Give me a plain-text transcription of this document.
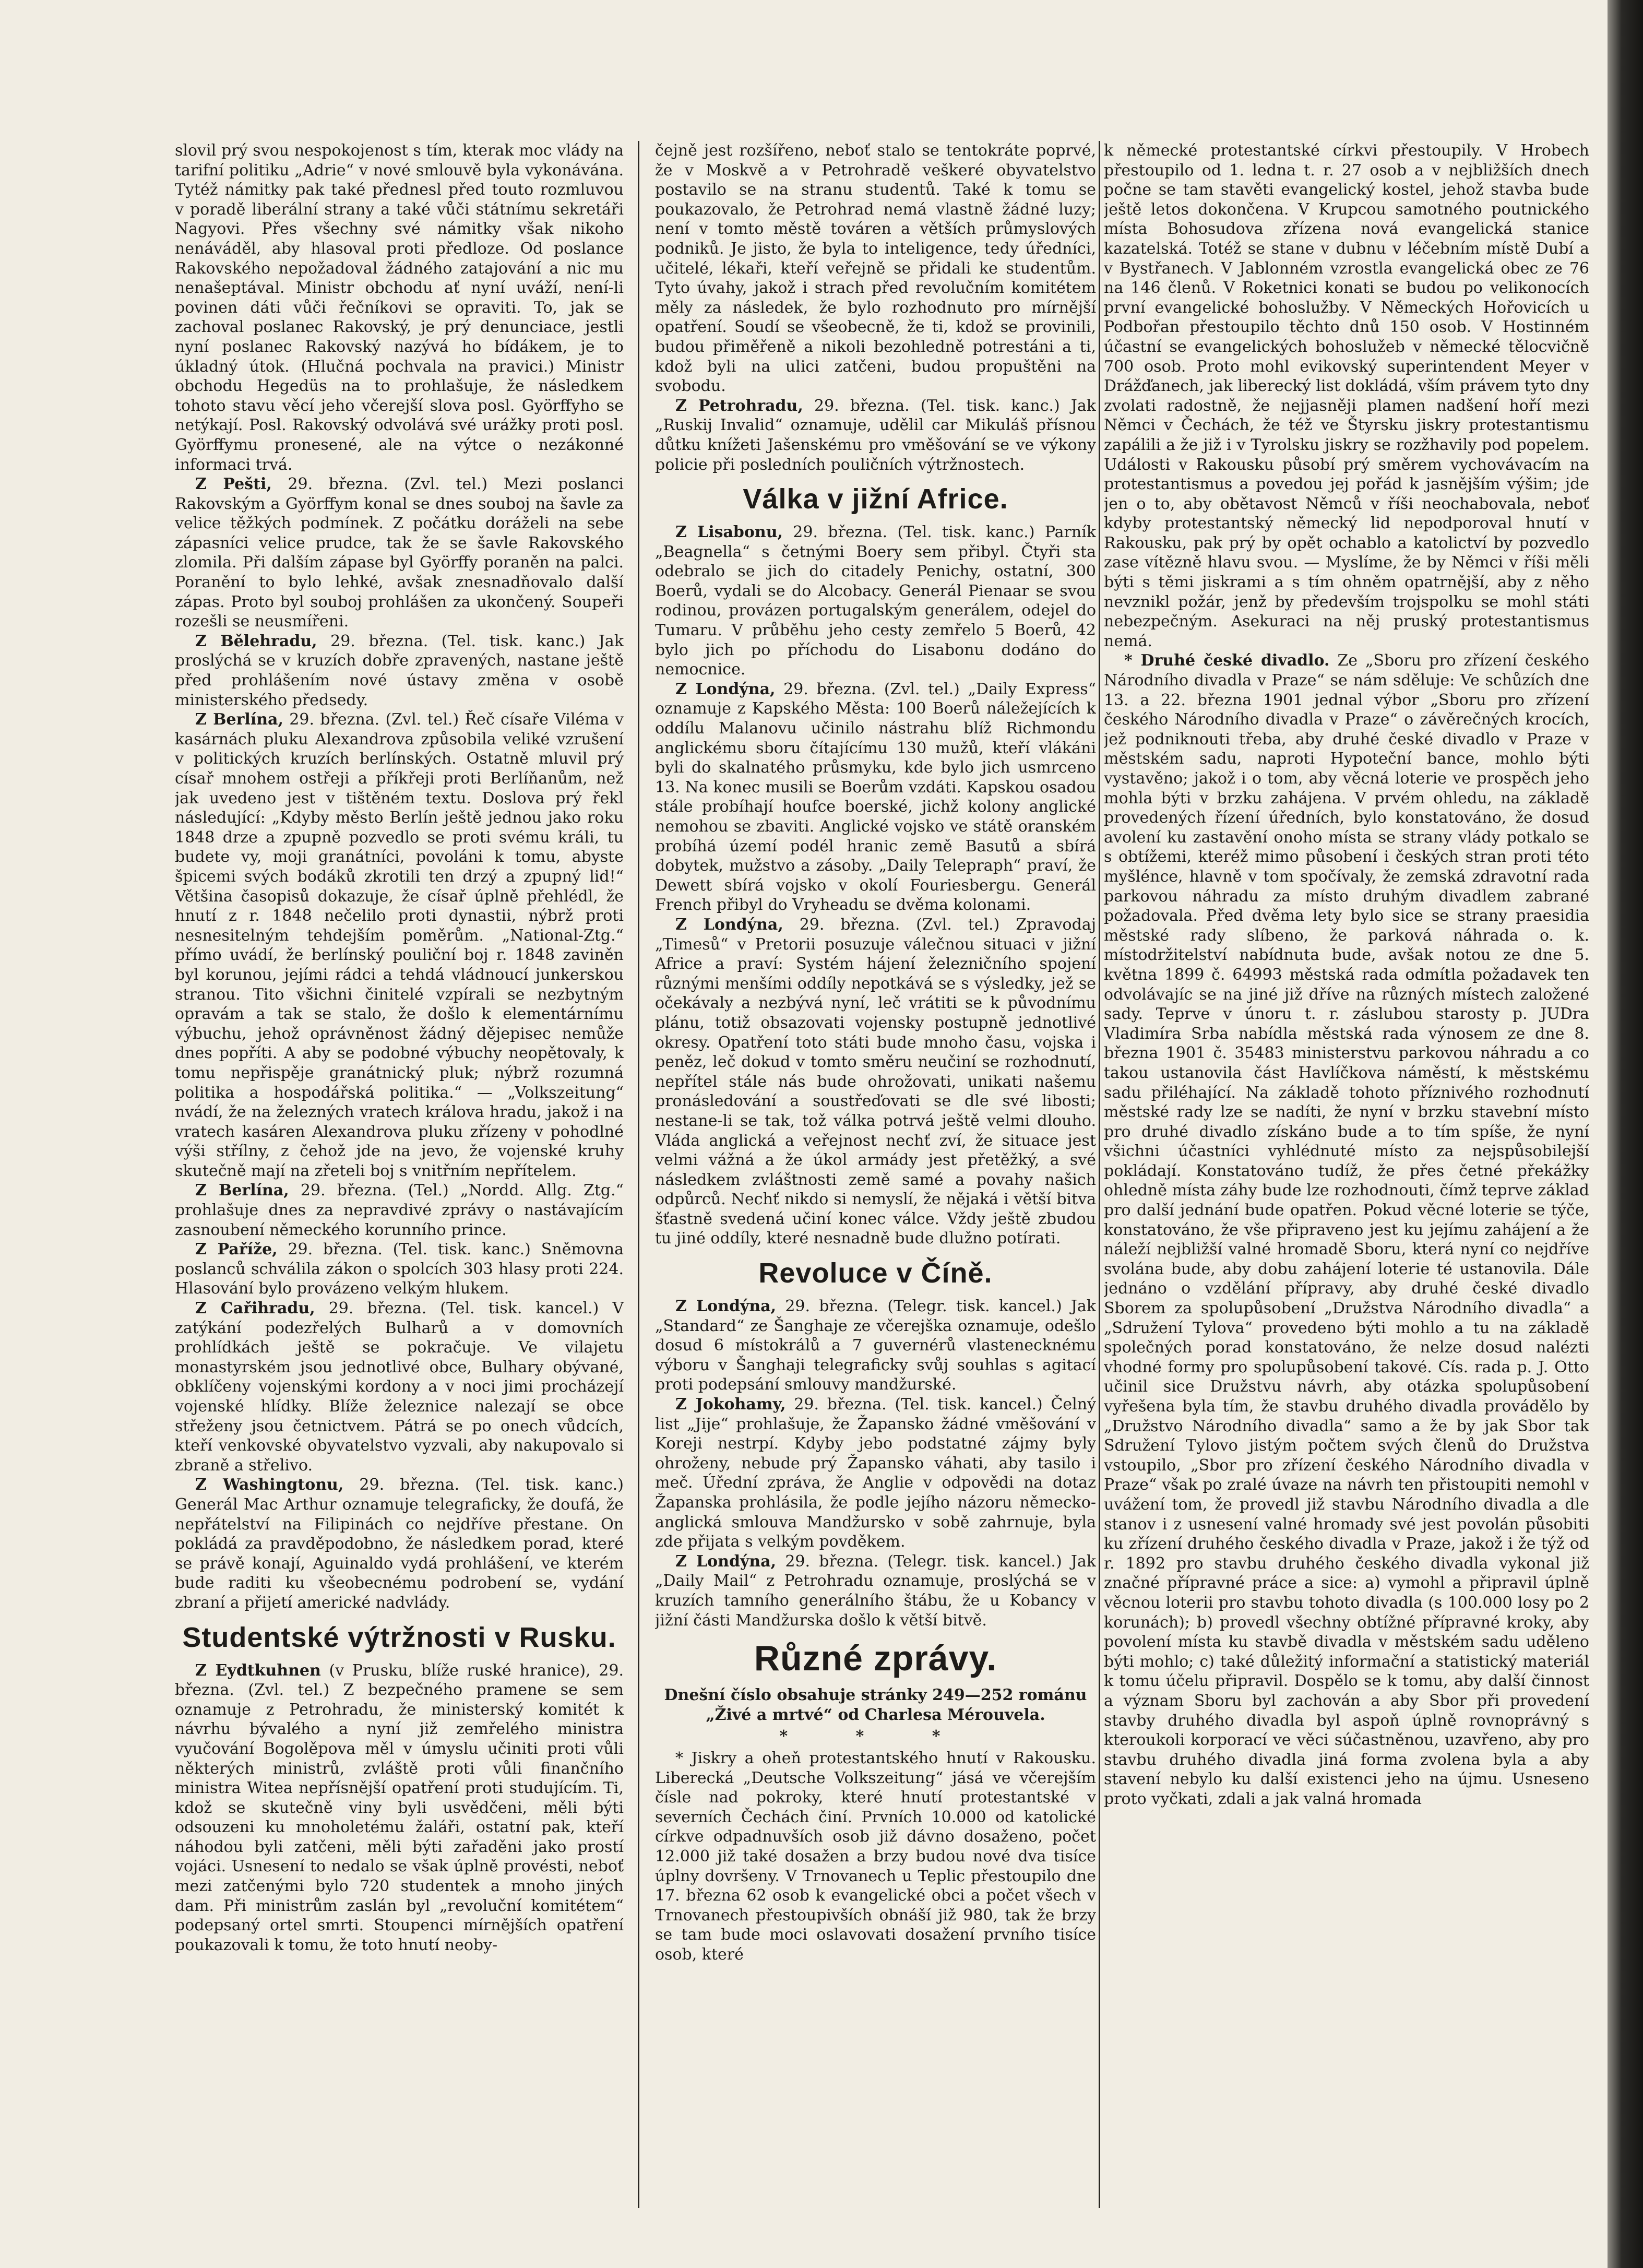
slovil prý svou nespokojenost s tím, kterak moc vlády na tarifní politiku „Adrie“ v nové smlouvě byla vykonávána. Tytéž námitky pak také přednesl před touto rozmluvou v poradě liberální strany a také vůči státnímu sekretáři Nagyovi. Přes všechny své námitky však nikoho nenáváděl, aby hlasoval proti předloze. Od poslance Rakovského nepožadoval žádného zatajování a nic mu nenašeptával. Ministr obchodu ať nyní uváží, není-li povinen dáti vůči řečníkovi se opraviti. To, jak se zachoval poslanec Rakovský, je prý denunciace, jestli nyní poslanec Rakovský nazývá ho bídákem, je to úkladný útok. (Hlučná pochvala na pravici.) Ministr obchodu Hegedüs na to prohlašuje, že následkem tohoto stavu věcí jeho včerejší slova posl. Györffyho se netýkají. Posl. Rakovský odvolává své urážky proti posl. Györffymu pronesené, ale na výtce o nezákonné informaci trvá.

Z Pešti, 29. března. (Zvl. tel.) Mezi poslanci Rakovským a Györffym konal se dnes souboj na šavle za velice těžkých podmínek. Z počátku doráželi na sebe zápasníci velice prudce, tak že se šavle Rakovského zlomila. Při dalším zápase byl Györffy poraněn na palci. Poranění to bylo lehké, avšak znesnadňovalo další zápas. Proto byl souboj prohlášen za ukončený. Soupeři rozešli se neusmířeni.

Z Bělehradu, 29. března. (Tel. tisk. kanc.) Jak proslýchá se v kruzích dobře zpravených, nastane ještě před prohlášením nové ústavy změna v osobě ministerského předsedy.

Z Berlína, 29. března. (Zvl. tel.) Řeč císaře Viléma v kasárnách pluku Alexandrova způsobila veliké vzrušení v politických kruzích berlínských. Ostatně mluvil prý císař mnohem ostřeji a příkřeji proti Berlíňanům, než jak uvedeno jest v tištěném textu. Doslova prý řekl následující: „Kdyby město Berlín ještě jednou jako roku 1848 drze a zpupně pozvedlo se proti svému králi, tu budete vy, moji granátníci, povoláni k tomu, abyste špicemi svých bodáků zkrotili ten drzý a zpupný lid!“ Většina časopisů dokazuje, že císař úplně přehlédl, že hnutí z r. 1848 nečelilo proti dynastii, nýbrž proti nesnesitelným tehdejším poměrům. „National-Ztg.“ přímo uvádí, že berlínský pouliční boj r. 1848 zaviněn byl korunou, jejími rádci a tehdá vládnoucí junkerskou stranou. Tito všichni činitelé vzpírali se nezbytným opravám a tak se stalo, že došlo k elementárnímu výbuchu, jehož oprávněnost žádný dějepisec nemůže dnes popříti. A aby se podobné výbuchy neopětovaly, k tomu nepřispěje granátnický pluk; nýbrž rozumná politika a hospodářská politika.“ — „Volkszeitung“ nvádí, že na železných vratech králova hradu, jakož i na vratech kasáren Alexandrova pluku zřízeny v pohodlné výši střílny, z čehož jde na jevo, že vojenské kruhy skutečně mají na zřeteli boj s vnitřním nepřítelem.

Z Berlína, 29. března. (Tel.) „Nordd. Allg. Ztg.“ prohlašuje dnes za nepravdivé zprávy o nastávajícím zasnoubení německého korunního prince.

Z Paříže, 29. března. (Tel. tisk. kanc.) Sněmovna poslanců schválila zákon o spolcích 303 hlasy proti 224. Hlasování bylo provázeno velkým hlukem.

Z Cařihradu, 29. března. (Tel. tisk. kancel.) V zatýkání podezřelých Bulharů a v domovních prohlídkách ještě se pokračuje. Ve vilajetu monastyrském jsou jednotlivé obce, Bulhary obývané, obklíčeny vojenskými kordony a v noci jimi procházejí vojenské hlídky. Blíže železnice nalezají se obce střeženy jsou četnictvem. Pátrá se po onech vůdcích, kteří venkovské obyvatelstvo vyzvali, aby nakupovalo si zbraně a střelivo.

Z Washingtonu, 29. března. (Tel. tisk. kanc.) Generál Mac Arthur oznamuje telegraficky, že doufá, že nepřátelství na Filipinách co nejdříve přestane. On pokládá za pravděpodobno, že následkem porad, které se právě konají, Aguinaldo vydá prohlášení, ve kterém bude raditi ku všeobecnému podrobení se, vydání zbraní a přijetí americké nadvlády.

Studentské výtržnosti v Rusku.

Z Eydtkuhnen (v Prusku, blíže ruské hranice), 29. března. (Zvl. tel.) Z bezpečného pramene se sem oznamuje z Petrohradu, že ministerský komitét k návrhu bývalého a nyní již zemřelého ministra vyučování Bogolěpova měl v úmyslu učiniti proti vůli některých ministrů, zvláště proti vůli finančního ministra Witea nepřísnější opatření proti studujícím. Ti, kdož se skutečně viny byli usvědčeni, měli býti odsouzeni ku mnoholetému žaláři, ostatní pak, kteří náhodou byli zatčeni, měli býti zařaděni jako prostí vojáci. Usnesení to nedalo se však úplně provésti, neboť mezi zatčenými bylo 720 studentek a mnoho jiných dam. Při ministrům zaslán byl „revoluční komitétem“ podepsaný ortel smrti. Stoupenci mírnějších opatření poukazovali k tomu, že toto hnutí neoby-

čejně jest rozšířeno, neboť stalo se tentokráte poprvé, že v Moskvě a v Petrohradě veškeré obyvatelstvo postavilo se na stranu studentů. Také k tomu se poukazovalo, že Petrohrad nemá vlastně žádné luzy; není v tomto městě továren a větších průmyslových podniků. Je jisto, že byla to inteligence, tedy úředníci, učitelé, lékaři, kteří veřejně se přidali ke studentům. Tyto úvahy, jakož i strach před revolučním komitétem měly za následek, že bylo rozhodnuto pro mírnější opatření. Soudí se všeobecně, že ti, kdož se provinili, budou přiměřeně a nikoli bezohledně potrestáni a ti, kdož byli na ulici zatčeni, budou propuštěni na svobodu.

Z Petrohradu, 29. března. (Tel. tisk. kanc.) Jak „Ruskij Invalid“ oznamuje, udělil car Mikuláš přísnou důtku knížeti Jašenskému pro vměšování se ve výkony policie při posledních pouličních výtržnostech.

Válka v jižní Africe.

Z Lisabonu, 29. března. (Tel. tisk. kanc.) Parník „Beagnella“ s četnými Boery sem přibyl. Čtyři sta odebralo se jich do citadely Penichy, ostatní, 300 Boerů, vydali se do Alcobacy. Generál Pienaar se svou rodinou, provázen portugalským generálem, odejel do Tumaru. V průběhu jeho cesty zemřelo 5 Boerů, 42 bylo jich po příchodu do Lisabonu dodáno do nemocnice.

Z Londýna, 29. března. (Zvl. tel.) „Daily Express“ oznamuje z Kapského Města: 100 Boerů náležejících k oddílu Malanovu učinilo nástrahu blíž Richmondu anglickému sboru čítajícímu 130 mužů, kteří vlákáni byli do skalnatého průsmyku, kde bylo jich usmrceno 13. Na konec musili se Boerům vzdáti. Kapskou osadou stále probíhají houfce boerské, jichž kolony anglické nemohou se zbaviti. Anglické vojsko ve státě oranském probíhá území podél hranic země Basutů a sbírá dobytek, mužstvo a zásoby. „Daily Telepraph“ praví, že Dewett sbírá vojsko v okolí Fouriesbergu. Generál French přibyl do Vryheadu se dvěma kolonami.

Z Londýna, 29. března. (Zvl. tel.) Zpravodaj „Timesů“ v Pretorii posuzuje válečnou situaci v jižní Africe a praví: Systém hájení železničního spojení různými menšími oddíly nepotkává se s výsledky, jež se očekávaly a nezbývá nyní, leč vrátiti se k původnímu plánu, totiž obsazovati vojensky postupně jednotlivé okresy. Opatření toto státi bude mnoho času, vojska i peněz, leč dokud v tomto směru neučiní se rozhodnutí, nepřítel stále nás bude ohrožovati, unikati našemu pronásledování a soustřeďovati se dle své libosti; nestane-li se tak, tož válka potrvá ještě velmi dlouho. Vláda anglická a veřejnost nechť zví, že situace jest velmi vážná a že úkol armády jest přetěžký, a své následkem zvláštnosti země samé a povahy našich odpůrců. Nechť nikdo si nemyslí, že nějaká i větší bitva šťastně svedená učiní konec válce. Vždy ještě zbudou tu jiné oddíly, které nesnadně bude dlužno potírati.

Revoluce v Číně.

Z Londýna, 29. března. (Telegr. tisk. kancel.) Jak „Standard“ ze Šanghaje ze včerejška oznamuje, odešlo dosud 6 místokrálů a 7 guvernérů vlastenecknému výboru v Šanghaji telegraficky svůj souhlas s agitací proti podepsání smlouvy mandžurské.

Z Jokohamy, 29. března. (Tel. tisk. kancel.) Čelný list „Jije“ prohlašuje, že Žapansko žádné vměšování v Koreji nestrpí. Kdyby jebo podstatné zájmy byly ohroženy, nebude prý Žapansko váhati, aby tasilo i meč. Úřední zpráva, že Anglie v odpovědi na dotaz Žapanska prohlásila, že podle jejího názoru německo-anglická smlouva Mandžursko v sobě zahrnuje, byla zde přijata s velkým povděkem.

Z Londýna, 29. března. (Telegr. tisk. kancel.) Jak „Daily Mail“ z Petrohradu oznamuje, proslýchá se v kruzích tamního generálního štábu, že u Kobancy v jižní části Mandžurska došlo k větší bitvě.

Různé zprávy.

Dnešní číslo obsahuje stránky 249—252 románu „Živé a mrtvé“ od Charlesa Mérouvela.

* * *

* Jiskry a oheň protestantského hnutí v Rakousku. Liberecká „Deutsche Volkszeitung“ jásá ve včerejším čísle nad pokroky, které hnutí protestantské v severních Čechách činí. Prvních 10.000 od katolické církve odpadnuvších osob již dávno dosaženo, počet 12.000 již také dosažen a brzy budou nové dva tisíce úplny dovršeny. V Trnovanech u Teplic přestoupilo dne 17. března 62 osob k evangelické obci a počet všech v Trnovanech přestoupivších obnáší již 980, tak že brzy se tam bude moci oslavovati dosažení prvního tisíce osob, které

k německé protestantské církvi přestoupily. V Hrobech přestoupilo od 1. ledna t. r. 27 osob a v nejbližších dnech počne se tam stavěti evangelický kostel, jehož stavba bude ještě letos dokončena. V Krupcou samotného poutnického místa Bohosudova zřízena nová evangelická stanice kazatelská. Totéž se stane v dubnu v léčebním místě Dubí a v Bystřanech. V Jablonném vzrostla evangelická obec ze 76 na 146 členů. V Roketnici konati se budou po velikonocích první evangelické bohoslužby. V Německých Hořovicích u Podbořan přestoupilo těchto dnů 150 osob. V Hostinném účastní se evangelických bohoslužeb v německé tělocvičně 700 osob. Proto mohl evikovský superintendent Meyer v Drážďanech, jak liberecký list dokládá, vším právem tyto dny zvolati radostně, že nejjasněji plamen nadšení hoří mezi Němci v Čechách, že též ve Štyrsku jiskry protestantismu zapálili a že již i v Tyrolsku jiskry se rozžhavily pod popelem. Události v Rakousku působí prý směrem vychovávacím na protestantismus a povedou jej pořád k jasnějším výšim; jde jen o to, aby obětavost Němců v říši neochabovala, neboť kdyby protestantský německý lid nepodporoval hnutí v Rakousku, pak prý by opět ochablo a katolictví by pozvedlo zase vítězně hlavu svou. — Myslíme, že by Němci v říši měli býti s těmi jiskrami a s tím ohněm opatrnější, aby z něho nevznikl požár, jenž by především trojspolku se mohl státi nebezpečným. Asekuraci na něj pruský protestantismus nemá.

* Druhé české divadlo. Ze „Sboru pro zřízení českého Národního divadla v Praze“ se nám sděluje: Ve schůzích dne 13. a 22. března 1901 jednal výbor „Sboru pro zřízení českého Národního divadla v Praze“ o závěrečných krocích, jež podniknouti třeba, aby druhé české divadlo v Praze v městském sadu, naproti Hypoteční bance, mohlo býti vystavěno; jakož i o tom, aby věcná loterie ve prospěch jeho mohla býti v brzku zahájena. V prvém ohledu, na základě provedených řízení úředních, bylo konstatováno, že dosud avolení ku zastavění onoho místa se strany vlády potkalo se s obtížemi, kteréž mimo působení i českých stran proti této myšlénce, hlavně v tom spočívaly, že zemská zdravotní rada parkovou náhradu za místo druhým divadlem zabrané požadovala. Před dvěma lety bylo sice se strany praesidia městské rady slíbeno, že parková náhrada o. k. místodržitelství nabídnuta bude, avšak notou ze dne 5. května 1899 č. 64993 městská rada odmítla požadavek ten odvolávajíc se na jiné již dříve na různých místech založené sady. Teprve v únoru t. r. záslubou starosty p. JUDra Vladimíra Srba nabídla městská rada výnosem ze dne 8. března 1901 č. 35483 ministerstvu parkovou náhradu a co takou ustanovila část Havlíčkova náměstí, k městskému sadu přiléhající. Na základě tohoto příznivého rozhodnutí městské rady lze se nadíti, že nyní v brzku stavební místo pro druhé divadlo získáno bude a to tím spíše, že nyní všichni účastníci vyhlédnuté místo za nejspůsobilejší pokládají. Konstatováno tudíž, že přes četné překážky ohledně místa záhy bude lze rozhodnouti, čímž teprve základ pro další jednání bude opatřen. Pokud věcné loterie se týče, konstatováno, že vše připraveno jest ku jejímu zahájení a že náleží nejbližší valné hromadě Sboru, která nyní co nejdříve svolána bude, aby dobu zahájení loterie té ustanovila. Dále jednáno o vzdělání přípravy, aby druhé české divadlo Sborem za spolupůsobení „Družstva Národního divadla“ a „Sdružení Tylova“ provedeno býti mohlo a tu na základě společných porad konstatováno, že nelze dosud nalézti vhodné formy pro spolupůsobení takové. Cís. rada p. J. Otto učinil sice Družstvu návrh, aby otázka spolupůsobení vyřešena byla tím, že stavbu druhého divadla provádělo by „Družstvo Národního divadla“ samo a že by jak Sbor tak Sdružení Tylovo jistým počtem svých členů do Družstva vstoupilo, „Sbor pro zřízení českého Národního divadla v Praze“ však po zralé úvaze na návrh ten přistoupiti nemohl v uvážení tom, že provedl již stavbu Národního divadla a dle stanov i z usnesení valné hromady své jest povolán působiti ku zřízení druhého českého divadla v Praze, jakož i že týž od r. 1892 pro stavbu druhého českého divadla vykonal již značné přípravné práce a sice: a) vymohl a připravil úplně věcnou loterii pro stavbu tohoto divadla (s 100.000 losy po 2 korunách); b) provedl všechny obtížné přípravné kroky, aby povolení místa ku stavbě divadla v městském sadu uděleno býti mohlo; c) také důležitý informační a statistický materiál k tomu účelu připravil. Dospělo se k tomu, aby další činnost a význam Sboru byl zachován a aby Sbor při provedení stavby druhého divadla byl aspoň úplně rovnoprávný s kteroukoli korporací ve věci súčastněnou, uzavřeno, aby pro stavbu druhého divadla jiná forma zvolena byla a aby stavení nebylo ku další existenci jeho na újmu. Usneseno proto vyčkati, zdali a jak valná hromada
